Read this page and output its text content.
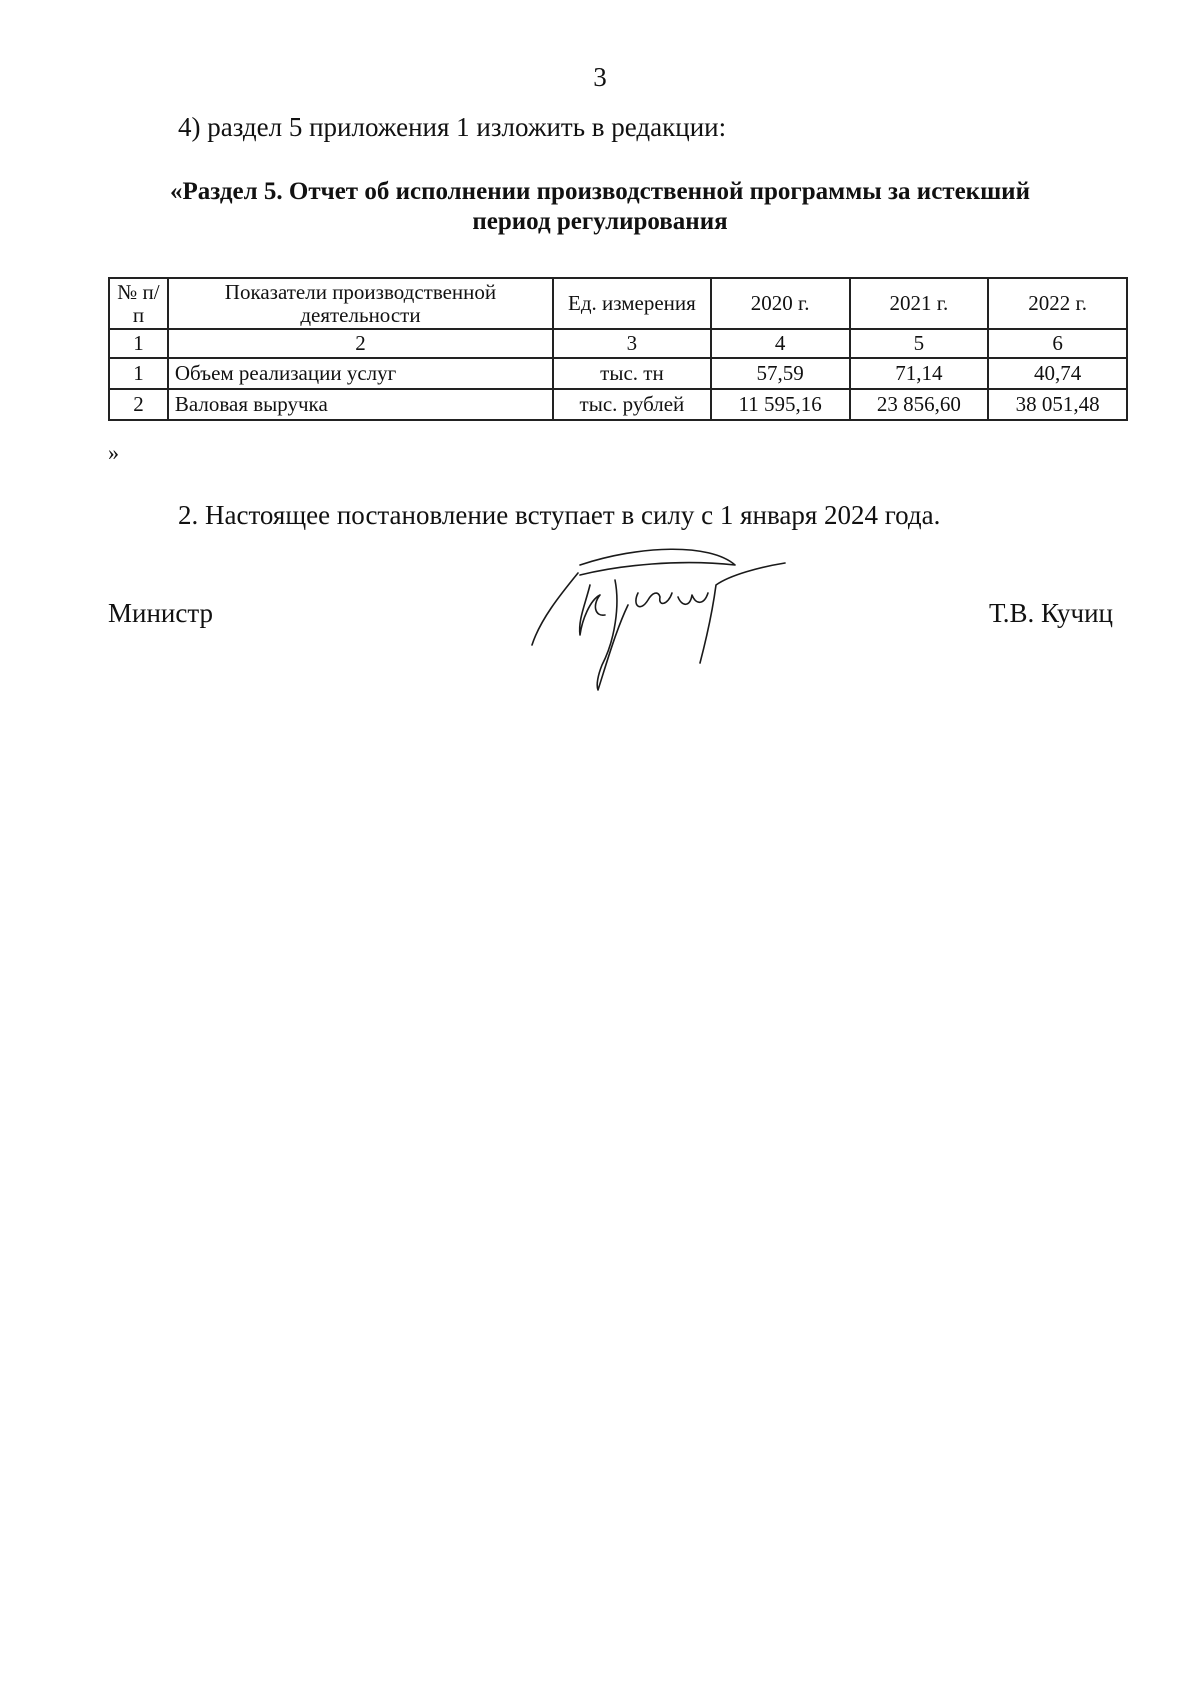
3
4) раздел 5 приложения 1 изложить в редакции:
«Раздел 5. Отчет об исполнении производственной программы за истекший период регулирования
№ п/п	Показатели производственной деятельности	Ед. измерения	2020 г.	2021 г.	2022 г.
1	2	3	4	5	6
1	Объем реализации услуг	тыс. тн	57,59	71,14	40,74
2	Валовая выручка	тыс. рублей	11 595,16	23 856,60	38 051,48
»
2. Настоящее постановление вступает в силу с 1 января 2024 года.
Министр	Т.В. Кучиц
